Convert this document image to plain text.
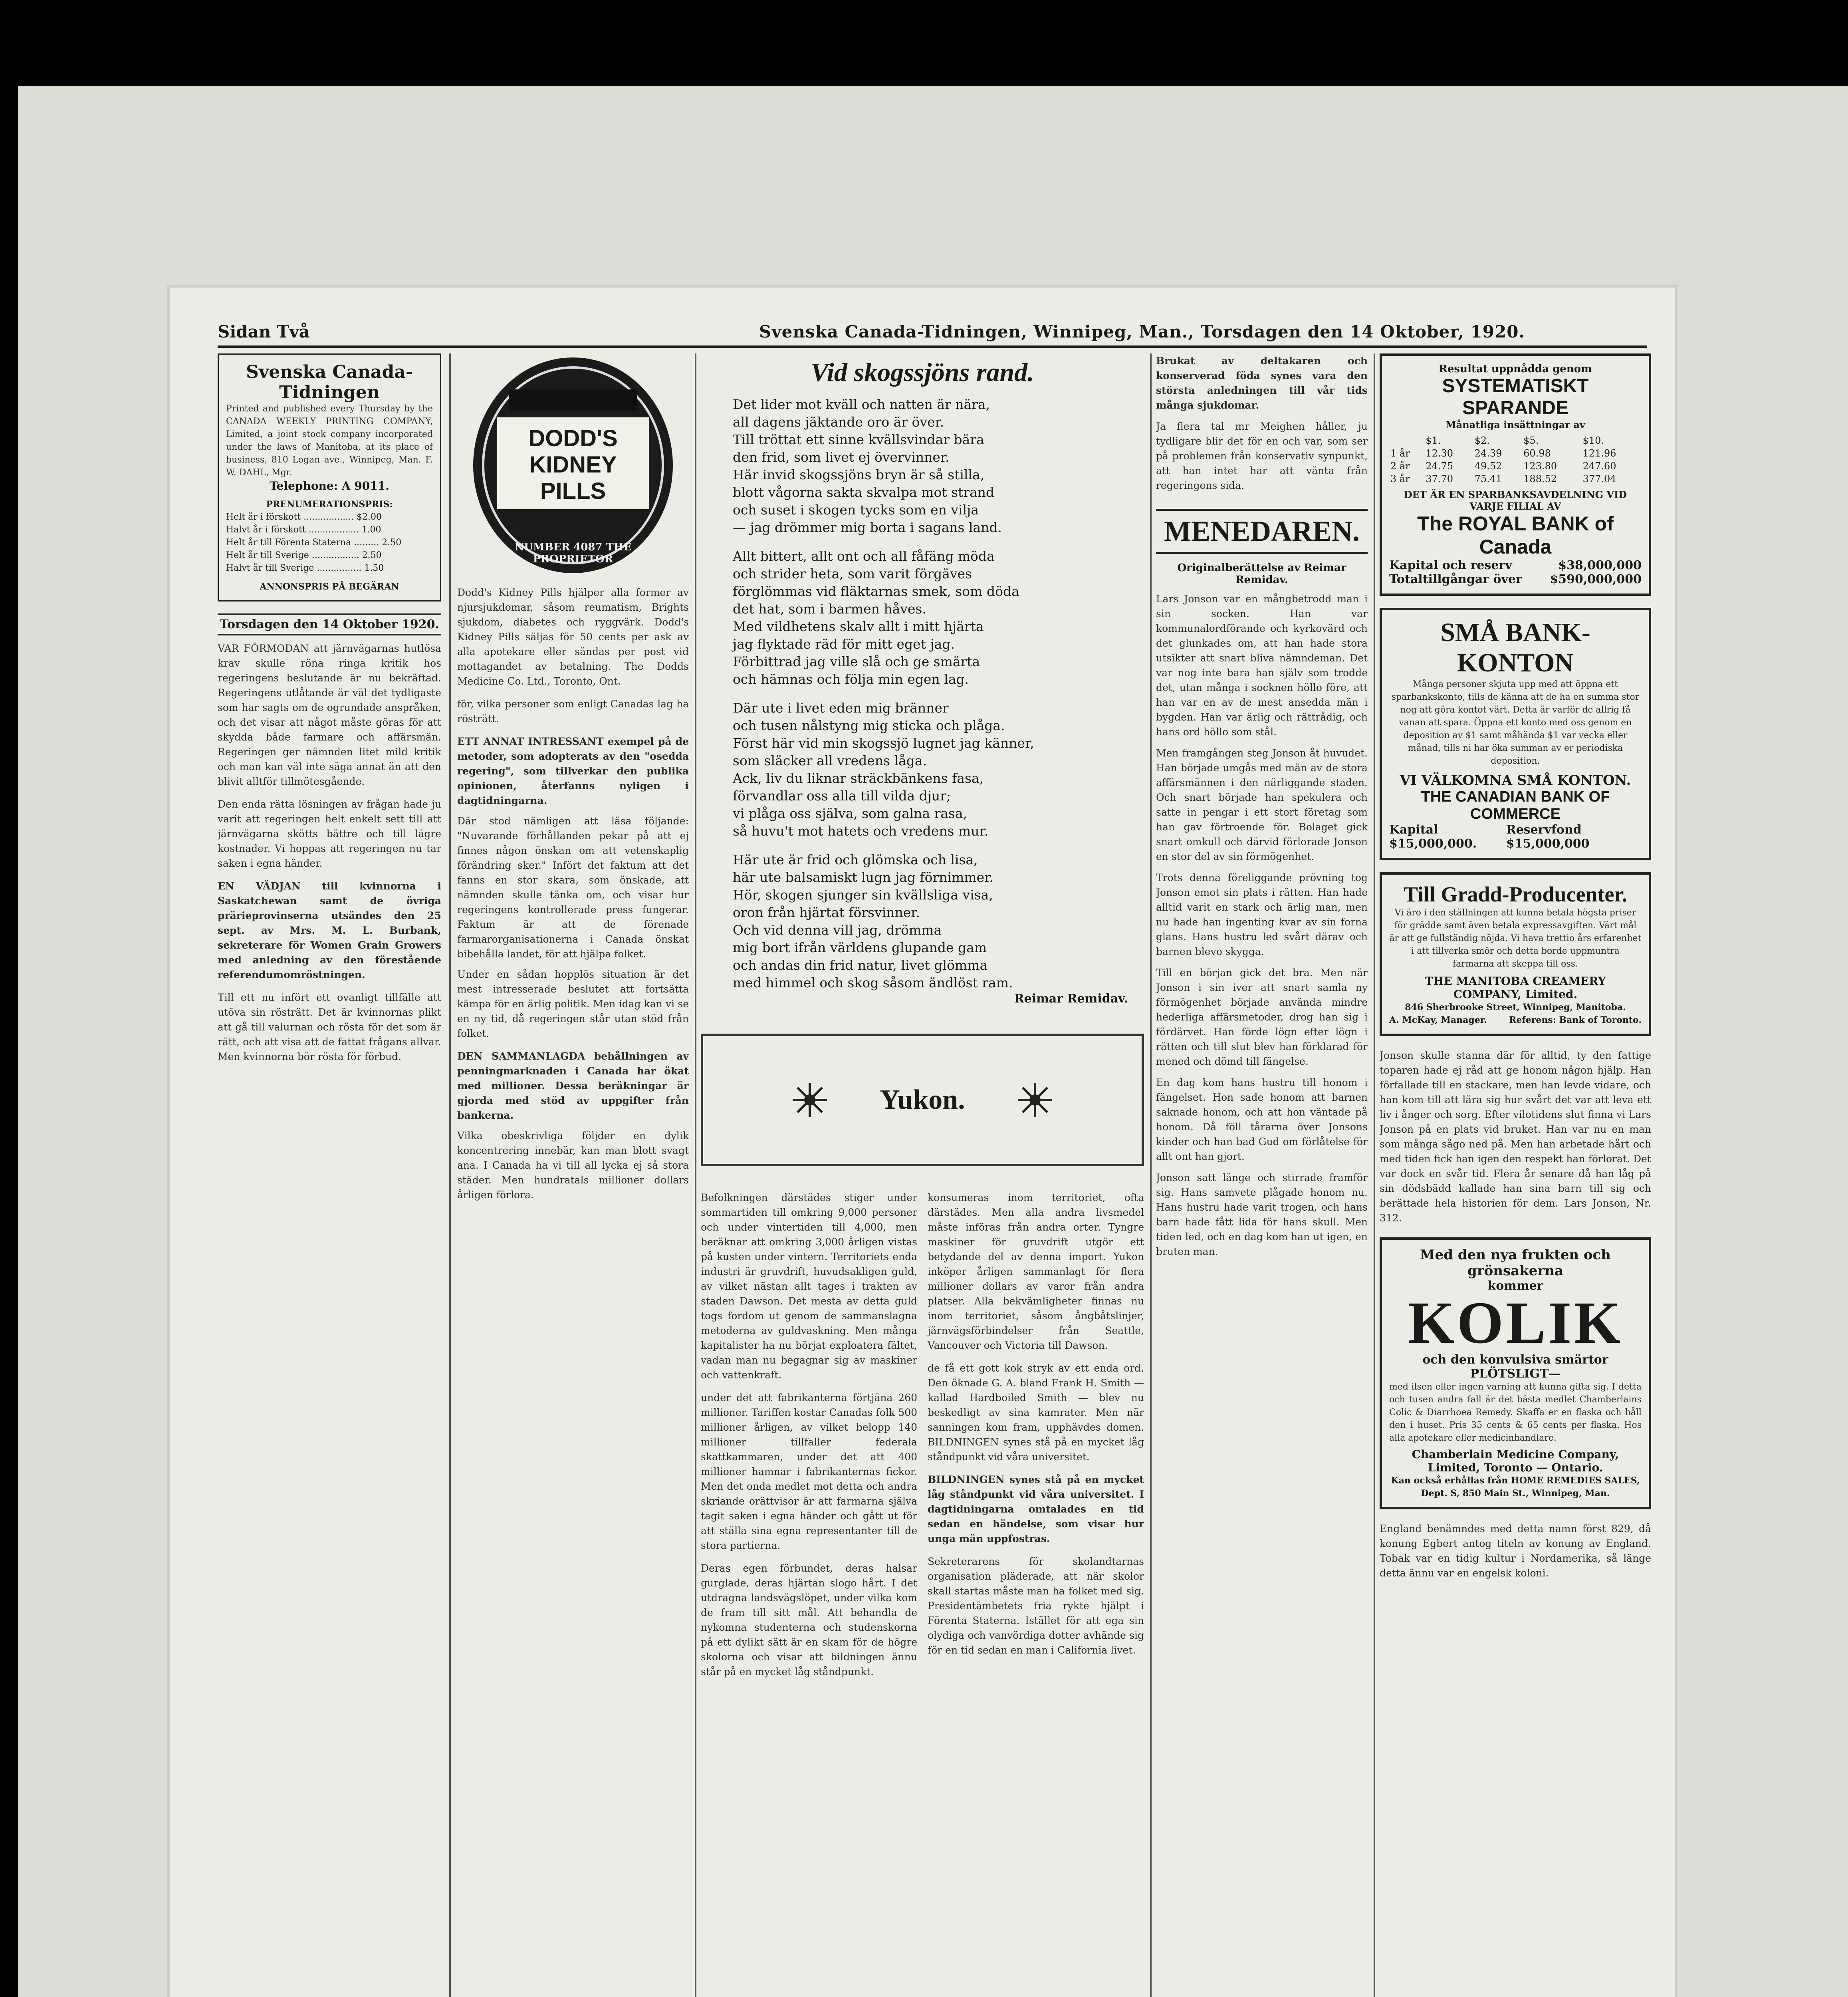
Sidan Två	Svenska Canada-Tidningen, Winnipeg, Man., Torsdagen den 14 Oktober, 1920.
Svenska Canada-Tidningen
Printed and published every Thursday by the CANADA WEEKLY PRINTING COMPANY, Limited, a joint stock company incorporated under the laws of Manitoba, at its place of business, 810 Logan ave., Winnipeg, Man. F. W. DAHL, Mgr.
Telephone: A 9011.
PRENUMERATIONSPRIS:
Helt år i förskott .................. $2.00
Halvt år i förskott .................. 1.00
Helt år till Förenta Staterna ......... 2.50
Helt år till Sverige ................. 2.50
Halvt år till Sverige ................ 1.50
ANNONSPRIS PÅ BEGÄRAN
Torsdagen den 14 Oktober 1920.
VAR FÖRMODAN att järnvägarnas hutlösa krav skulle röna ringa kritik hos regeringens beslutande är nu bekräftad. Regeringens utlåtande är väl det tydligaste som har sagts om de ogrundade anspråken, och det visar att något måste göras för att skydda både farmare och affärsmän. Regeringen ger nämnden litet mild kritik och man kan väl inte säga annat än att den blivit alltför tillmötesgående.
Den enda rätta lösningen av frågan hade ju varit att regeringen helt enkelt sett till att järnvägarna skötts bättre och till lägre kostnader. Vi hoppas att regeringen nu tar saken i egna händer.
EN VÄDJAN till kvinnorna i Saskatchewan samt de övriga prärieprovinserna utsändes den 25 sept. av Mrs. M. L. Burbank, sekreterare för Women Grain Growers med anledning av den förestående referendumomröstningen.
Till ett nu infört ett ovanligt tillfälle att utöva sin rösträtt. Det är kvinnornas plikt att gå till valurnan och rösta för det som är rätt, och att visa att de fattat frågans allvar. Men kvinnorna bör rösta för förbud.
DODD'S KIDNEY PILLS
NUMBER 4087 THE PROPRIETOR
Dodd's Kidney Pills hjälper alla former av njursjukdomar, såsom reumatism, Brights sjukdom, diabetes och ryggvärk. Dodd's Kidney Pills säljas för 50 cents per ask av alla apotekare eller sändas per post vid mottagandet av betalning. The Dodds Medicine Co. Ltd., Toronto, Ont.
för, vilka personer som enligt Canadas lag ha rösträtt.
ETT ANNAT INTRESSANT exempel på de metoder, som adopterats av den "oseddа regering", som tillverkar den publika opinionen, återfanns nyligen i dagtidningarna.
Där stod nämligen att läsa följande: "Nuvarande förhållanden pekar på att ej finnes någon önskan om att vetenskaplig förändring sker." Infört det faktum att det fanns en stor skara, som önskade, att nämnden skulle tänka om, och visar hur regeringens kontrollerade press fungerar. Faktum är att de förenade farmarorganisationerna i Canada önskat bibehålla landet, för att hjälpa folket.
Under en sådan hopplös situation är det mest intresserade beslutet att fortsätta kämpa för en ärlig politik. Men idag kan vi se en ny tid, då regeringen står utan stöd från folket.
DEN SAMMANLAGDA behållningen av penningmarknaden i Canada har ökat med millioner. Dessa beräkningar är gjorda med stöd av uppgifter från bankerna.
Vilka obeskrivliga följder en dylik koncentrering innebär, kan man blott svagt ana. I Canada ha vi till all lycka ej så stora städer. Men hundratals millioner dollars årligen förlora.
Vid skogssjöns rand.
Det lider mot kväll och natten är nära,
all dagens jäktande oro är över.
Till tröttat ett sinne kvällsvindar bära
den frid, som livet ej övervinner.
Här invid skogssjöns bryn är så stilla,
blott vågorna sakta skvalpa mot strand
och suset i skogen tycks som en vilja
— jag drömmer mig borta i sagans land.
Allt bittert, allt ont och all fåfäng möda
och strider heta, som varit förgäves
förglömmas vid fläktarnas smek, som döda
det hat, som i barmen håves.
Med vildhetens skalv allt i mitt hjärta
jag flyktade räd för mitt eget jag.
Förbittrad jag ville slå och ge smärta
och hämnas och följa min egen lag.
Där ute i livet eden mig bränner
och tusen nålstyng mig sticka och plåga.
Först här vid min skogssjö lugnet jag känner,
som släcker all vredens låga.
Ack, liv du liknar sträckbänkens fasa,
förvandlar oss alla till vilda djur;
vi plåga oss själva, som galna rasa,
så huvu't mot hatets och vredens mur.
Här ute är frid och glömska och lisa,
här ute balsamiskt lugn jag förnimmer.
Hör, skogen sjunger sin kvällsliga visa,
oron från hjärtat försvinner.
Och vid denna vill jag, drömma
mig bort ifrån världens glupande gam
och andas din frid natur, livet glömma
med himmel och skog såsom ändlöst ram.
Reimar Remidav.
Yukon.
Befolkningen därstädes stiger under sommartiden till omkring 9,000 personer och under vintertiden till 4,000, men beräknar att omkring 3,000 årligen vistas på kusten under vintern. Territoriets enda industri är gruvdrift, huvudsakligen guld, av vilket nästan allt tages i trakten av staden Dawson. Det mesta av detta guld togs fordom ut genom de sammanslagna metoderna av guldvaskning. Men många kapitalister ha nu börjat exploatera fältet, vadan man nu begagnar sig av maskiner och vattenkraft.
under det att fabrikanterna förtjäna 260 millioner. Tariffen kostar Canadas folk 500 millioner årligen, av vilket belopp 140 millioner tillfaller federala skattkammaren, under det att 400 millioner hamnar i fabrikanternas fickor. Men det onda medlet mot detta och andra skriande orättvisor är att farmarna själva tagit saken i egna händer och gått ut för att ställa sina egna representanter till de stora partierna.
Deras egen förbundet, deras halsar gurglade, deras hjärtan slogo hårt. I det utdragna landsvägslöpet, under vilka kom de fram till sitt mål. Att behandla de nykomna studenterna och studenskorna på ett dylikt sätt är en skam för de högre skolorna och visar att bildningen ännu står på en mycket låg ståndpunkt.
konsumeras inom territoriet, ofta därstädes. Men alla andra livsmedel måste införas från andra orter. Tyngre maskiner för gruvdrift utgör ett betydande del av denna import. Yukon inköper årligen sammanlagt för flera millioner dollars av varor från andra platser. Alla bekvämligheter finnas nu inom territoriet, såsom ångbåtslinjer, järnvägsförbindelser från Seattle, Vancouver och Victoria till Dawson.
de få ett gott kok stryk av ett enda ord. Den öknade G. A. bland Frank H. Smith — kallad Hardboiled Smith — blev nu beskedligt av sina kamrater. Men när sanningen kom fram, upphävdes domen. BILDNINGEN synes stå på en mycket låg ståndpunkt vid våra universitet.
BILDNINGEN synes stå på en mycket låg ståndpunkt vid våra universitet. I dagtidningarna omtalades en tid sedan en händelse, som visar hur unga män uppfostras.
Sekreterarens för skolandtarnas organisation pläderade, att när skolor skall startas måste man ha folket med sig. Presidentämbetets fria rykte hjälpt i Förenta Staterna. Istället för att ega sin olydiga och vanvördiga dotter avhände sig för en tid sedan en man i Californiа livet.
Brukat av deltakaren och konserverad föda synes vara den största anledningen till vår tids många sjukdomar.
Ja flera tal mr Meighen håller, ju tydligare blir det för en och var, som ser på problemen från konservativ synpunkt, att han intet har att vänta från regeringens sida.
MENEDAREN.
Originalberättelse av Reimar Remidav.
Lars Jonson var en mångbetrodd man i sin socken. Han var kommunalordförande och kyrkovärd och det glunkades om, att han hade stora utsikter att snart bliva nämndeman. Det var nog inte bara han själv som trodde det, utan många i socknen höllo före, att han var en av de mest ansedda män i bygden. Han var ärlig och rättrådig, och hans ord höllo som stål.
Men framgången steg Jonson åt huvudet. Han började umgås med män av de stora affärsmännen i den närliggande staden. Och snart började han spekulera och satte in pengar i ett stort företag som han gav förtroende för. Bolaget gick snart omkull och därvid förlorade Jonson en stor del av sin förmögenhet.
Trots denna föreliggande prövning tog Jonson emot sin plats i rätten. Han hade alltid varit en stark och ärlig man, men nu hade han ingenting kvar av sin forna glans. Hans hustru led svårt därav och barnen blevo skygga.
Till en början gick det bra. Men när Jonson i sin iver att snart samla ny förmögenhet började använda mindre hederliga affärsmetoder, drog han sig i fördärvet. Han förde lögn efter lögn i rätten och till slut blev han förklarad för mened och dömd till fängelse.
En dag kom hans hustru till honom i fängelset. Hon sade honom att barnen saknade honom, och att hon väntade på honom. Då föll tårarna över Jonsons kinder och han bad Gud om förlåtelse för allt ont han gjort.
Jonson satt länge och stirrade framför sig. Hans samvete plågade honom nu. Hans hustru hade varit trogen, och hans barn hade fått lida för hans skull. Men tiden led, och en dag kom han ut igen, en bruten man.
Resultat uppnådda genom
SYSTEMATISKT SPARANDE
Månatliga insättningar av
	$1.	$2.	$5.	$10.
1 år	12.30	24.39	60.98	121.96
2 år	24.75	49.52	123.80	247.60
3 år	37.70	75.41	188.52	377.04
DET ÄR EN SPARBANKSAVDELNING VID VARJE FILIAL AV
The ROYAL BANK of Canada
Kapital och reserv	$38,000,000
Totaltillgångar över $590,000,000
SMÅ BANK-KONTON
Många personer skjuta upp med att öppna ett sparbankskonto, tills de känna att de ha en summa stor nog att göra kontot värt. Detta är varför de allrig få vanan att spara. Öppna ett konto med oss genom en deposition av $1 samt måhända $1 var vecka eller månad, tills ni har öka summan av er periodiska deposition.
VI VÄLKOMNA SMÅ KONTON.
THE CANADIAN BANK OF COMMERCE
Kapital $15,000,000.
Reservfond $15,000,000
Till Gradd-Producenter.
Vi äro i den ställningen att kunna betala högsta priser för grädde samt även betala expressavgiften. Värt mål är att ge fullständig nöjda. Vi hava trettio års erfarenhet i att tillverka smör och detta borde uppmuntra farmarna att skeppa till oss.
THE MANITOBA CREAMERY COMPANY, Limited.
846 Sherbrooke Street, Winnipeg, Manitoba.
A. McKay, Manager.	Referens: Bank of Toronto.
Jonson skulle stanna där för alltid, ty den fattige toparen hade ej råd att ge honom någon hjälp. Han förfallade till en stackare, men han levde vidare, och han kom till att lära sig hur svårt det var att leva ett liv i ånger och sorg. Efter vilotidens slut finna vi Lars Jonson på en plats vid bruket. Han var nu en man som många sågo ned på. Men han arbetade hårt och med tiden fick han igen den respekt han förlorat. Det var dock en svår tid. Flera år senare då han låg på sin dödsbädd kallade han sina barn till sig och berättade hela historien för dem. Lars Jonson, Nr. 312.
Med den nya frukten och
grönsakerna
kommer
KOLIK
och den konvulsiva smärtor PLÖTSLIGT—
med ilsen eller ingen varning att kunna gifta sig. I detta och tusen andra fall är det bästa medlet Chamberlains Colic & Diarrhoea Remedy. Skaffa er en flaska och håll den i huset. Pris 35 cents & 65 cents per flaska. Hos alla apotekare eller medicinhandlare.
Chamberlain Medicine Company, Limited, Toronto — Ontario.
Kan också erhållas från HOME REMEDIES SALES, Dept. S, 850 Main St., Winnipeg, Man.
England benämndes med detta namn först 829, då konung Egbert antog titeln av konung av England. Tobak var en tidig kultur i Nordamerika, så länge detta ännu var en engelsk koloni.
